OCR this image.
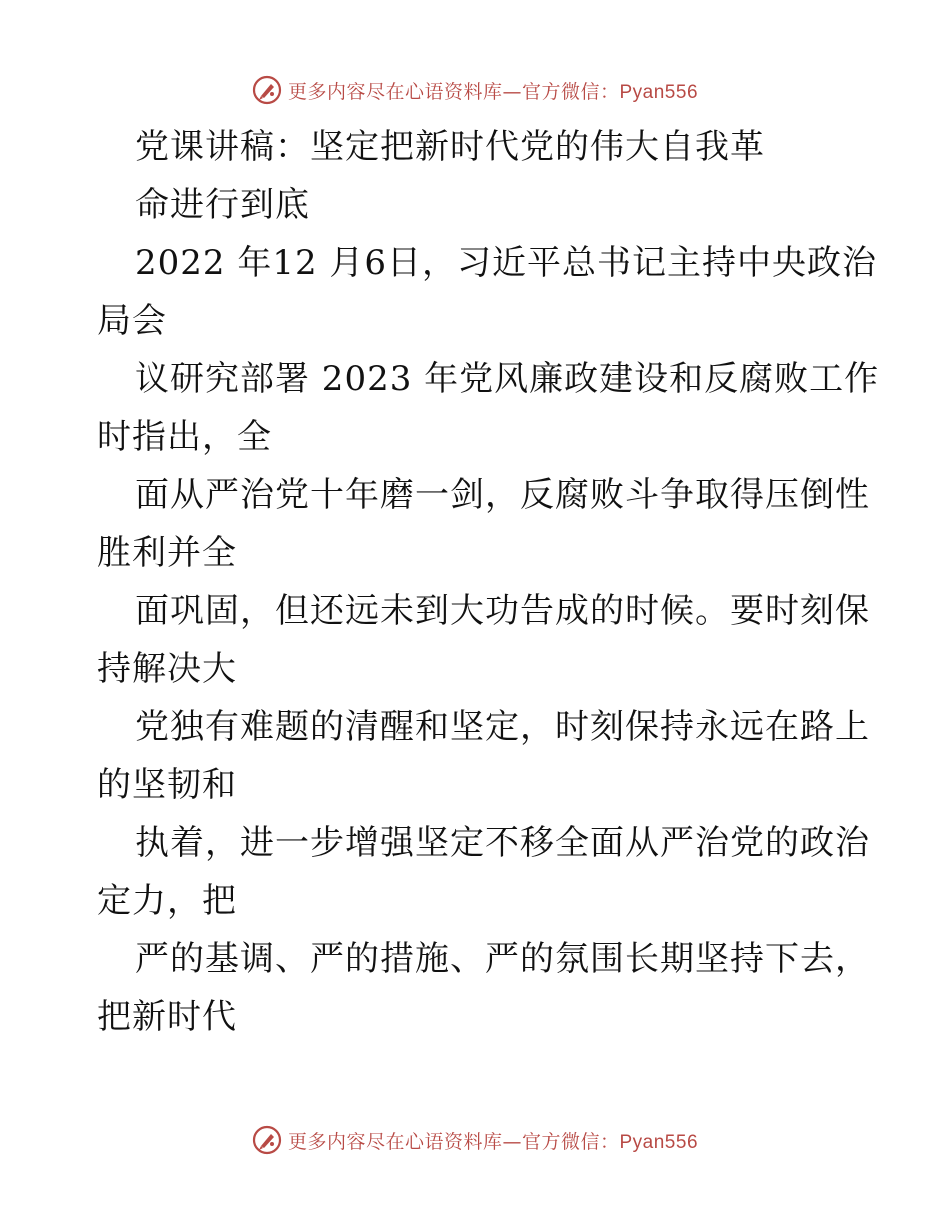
更多内容尽在心语资料库—官方微信：Pyan556
党课讲稿：坚定把新时代党的伟大自我革
命进行到底
2022 年12 月6日，习近平总书记主持中央政治
局会
议研究部署 2023 年党风廉政建设和反腐败工作
时指出，全
面从严治党十年磨一剑，反腐败斗争取得压倒性
胜利并全
面巩固，但还远未到大功告成的时候。要时刻保
持解决大
党独有难题的清醒和坚定，时刻保持永远在路上
的坚韧和
执着，进一步增强坚定不移全面从严治党的政治
定力，把
严的基调、严的措施、严的氛围长期坚持下去，
把新时代
更多内容尽在心语资料库—官方微信：Pyan556
